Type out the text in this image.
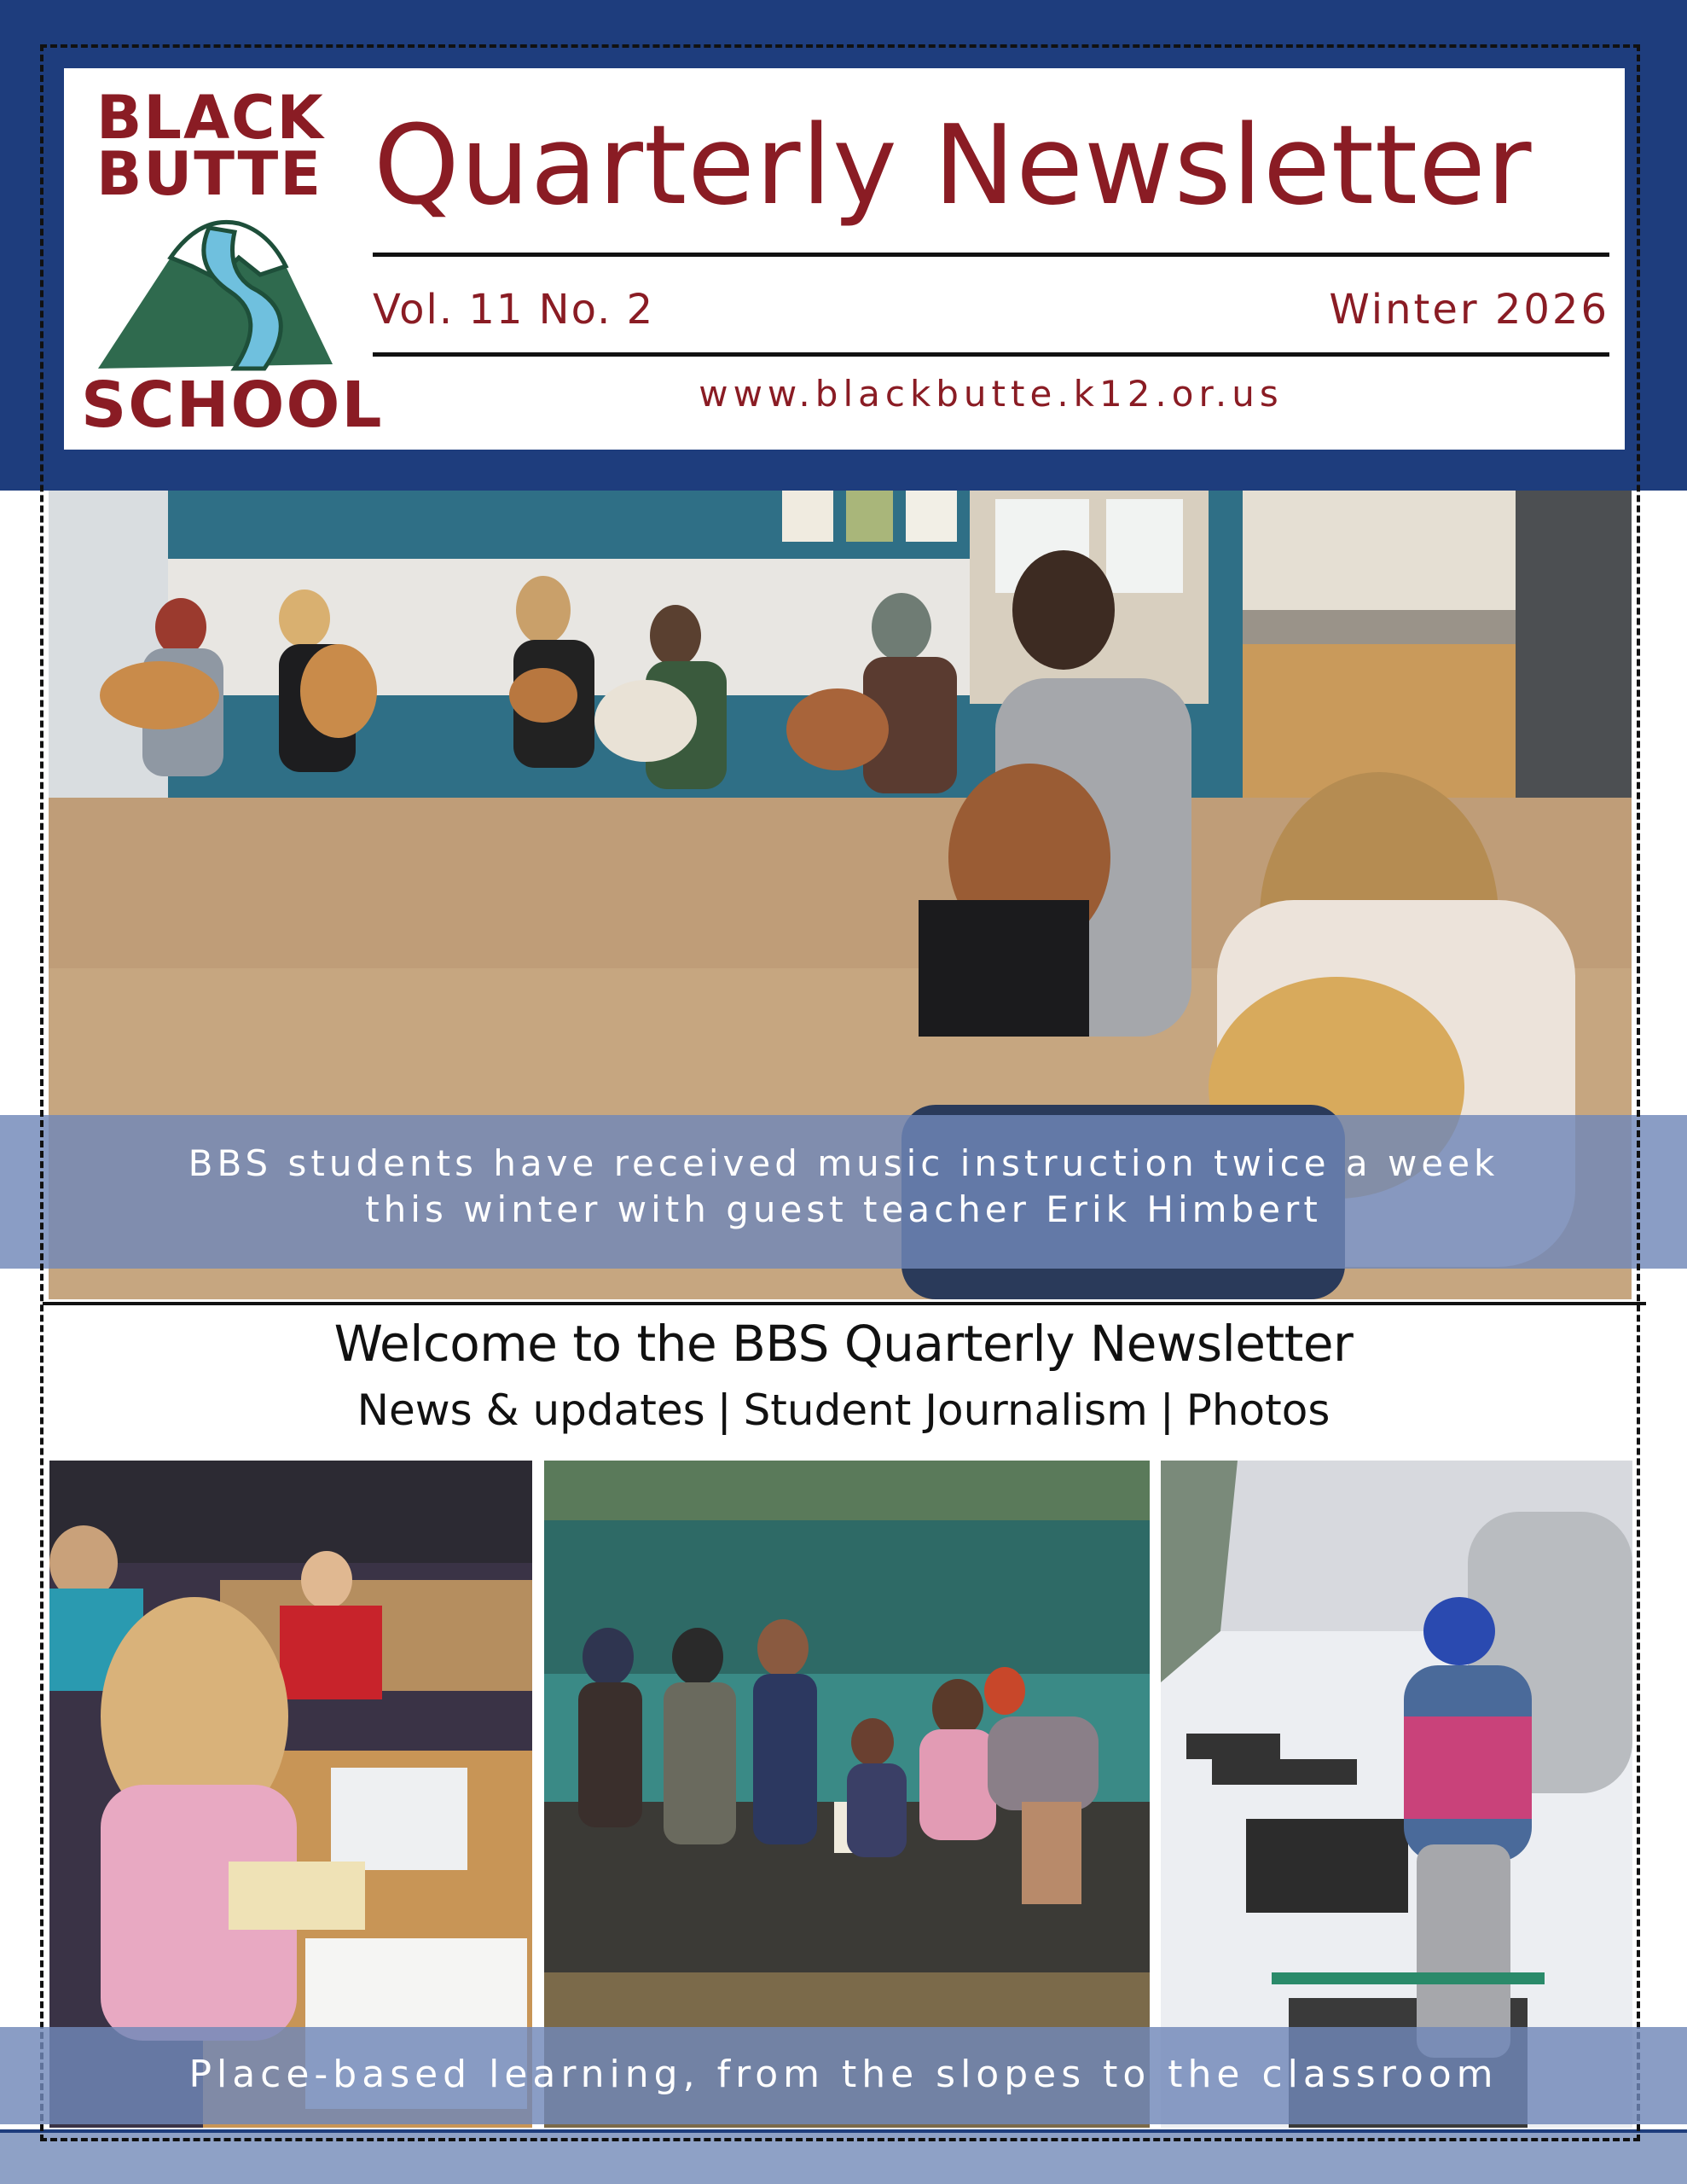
BLACK
BUTTE
SCHOOL
Quarterly Newsletter
Vol. 11 No. 2	Winter 2026
www.blackbutte.k12.or.us
BBS students have received music instruction twice a week
this winter with guest teacher Erik Himbert
Welcome to the BBS Quarterly Newsletter
News & updates | Student Journalism | Photos
Place-based learning, from the slopes to the classroom
